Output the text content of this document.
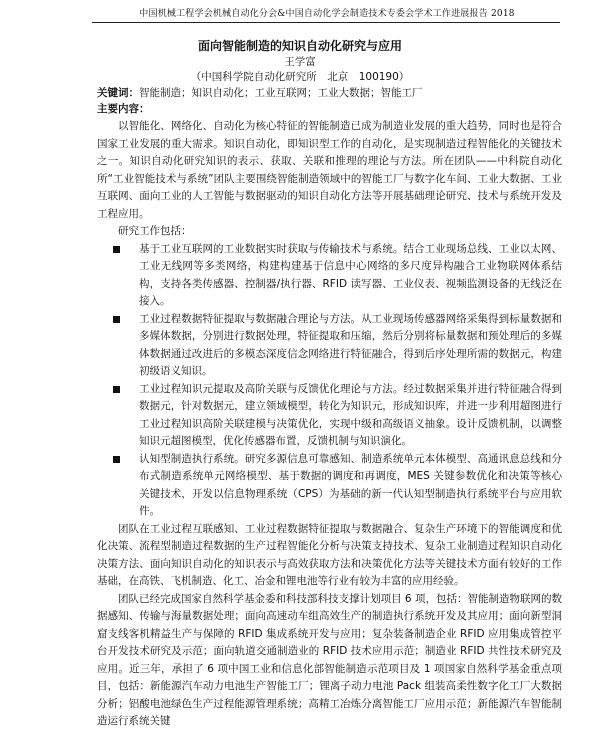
中国机械工程学会机械自动化分会&中国自动化学会制造技术专委会学术工作进展报告 2018
面向智能制造的知识自动化研究与应用
王学富
（中国科学院自动化研究所　北京　100190）
关键词：智能制造；知识自动化；工业互联网；工业大数据；智能工厂
主要内容：

以智能化、网络化、自动化为核心特征的智能制造已成为制造业发展的重大趋势，同时也是符合国家工业发展的重大需求。知识自动化，即知识型工作的自动化，是实现制造过程智能化的关键技术之一。知识自动化研究知识的表示、获取、关联和推理的理论与方法。所在团队——中科院自动化所“工业智能技术与系统”团队主要围绕智能制造领域中的智能工厂与数字化车间、工业大数据、工业互联网、面向工业的人工智能与数据驱动的知识自动化方法等开展基础理论研究、技术与系统开发及工程应用。

研究工作包括：

基于工业互联网的工业数据实时获取与传输技术与系统。结合工业现场总线、工业以太网、工业无线网等多类网络，构建构建基于信息中心网络的多尺度异构融合工业物联网体系结构，支持各类传感器、控制器/执行器、RFID 读写器、工业仪表、视频监测设备的无线泛在接入。
工业过程数据特征提取与数据融合理论与方法。从工业现场传感器网络采集得到标量数据和多媒体数据，分别进行数据处理，特征提取和压缩，然后分别将标量数据和预处理后的多媒体数据通过改进后的多模态深度信念网络进行特征融合，得到后序处理所需的数据元，构建初级语义知识。
工业过程知识元提取及高阶关联与反馈优化理论与方法。经过数据采集并进行特征融合得到数据元，针对数据元，建立领域模型，转化为知识元，形成知识库，并进一步利用超图进行工业过程知识高阶关联建模与决策优化，实现中级和高级语义抽象。设计反馈机制，以调整知识元超图模型，优化传感器布置，反馈机制与知识演化。
认知型制造执行系统。研究多源信息可靠感知、制造系统单元本体模型、高通讯息总线和分布式制造系统单元网络模型、基于数据的调度和再调度，MES 关键参数优化和决策等核心关键技术，开发以信息物理系统（CPS）为基础的新一代认知型制造执行系统平台与应用软件。

团队在工业过程互联感知、工业过程数据特征提取与数据融合、复杂生产环境下的智能调度和优化决策、流程型制造过程数据的生产过程智能化分析与决策支持技术、复杂工业制造过程知识自动化决策方法、面向知识自动化的知识表示与高效获取方法和决策优化方法等关键技术方面有较好的工作基础，在高铁、飞机制造、化工、冶金和锂电池等行业有较为丰富的应用经验。

团队已经完成国家自然科学基金委和科技部科技支撑计划项目 6 项，包括：智能制造物联网的数据感知、传输与海量数据处理；面向高速动车组高效生产的制造执行系统开发及其应用；面向新型洞窟支线客机精益生产与保障的 RFID 集成系统开发与应用；复杂装备制造企业 RFID 应用集成管控平台开发技术研究及示范；面向轨道交通制造业的 RFID 技术应用示范；制造业 RFID 共性技术研究及应用。近三年，承担了 6 项中国工业和信息化部智能制造示范项目及 1 项国家自然科学基金重点项目，包括：新能源汽车动力电池生产智能工厂；锂离子动力电池 Pack 组装高柔性数字化工厂大数据分析；铝酸电池绿色生产过程能源管理系统；高精工冶炼分离智能工厂应用示范；新能源汽车智能制造运行系统关键
